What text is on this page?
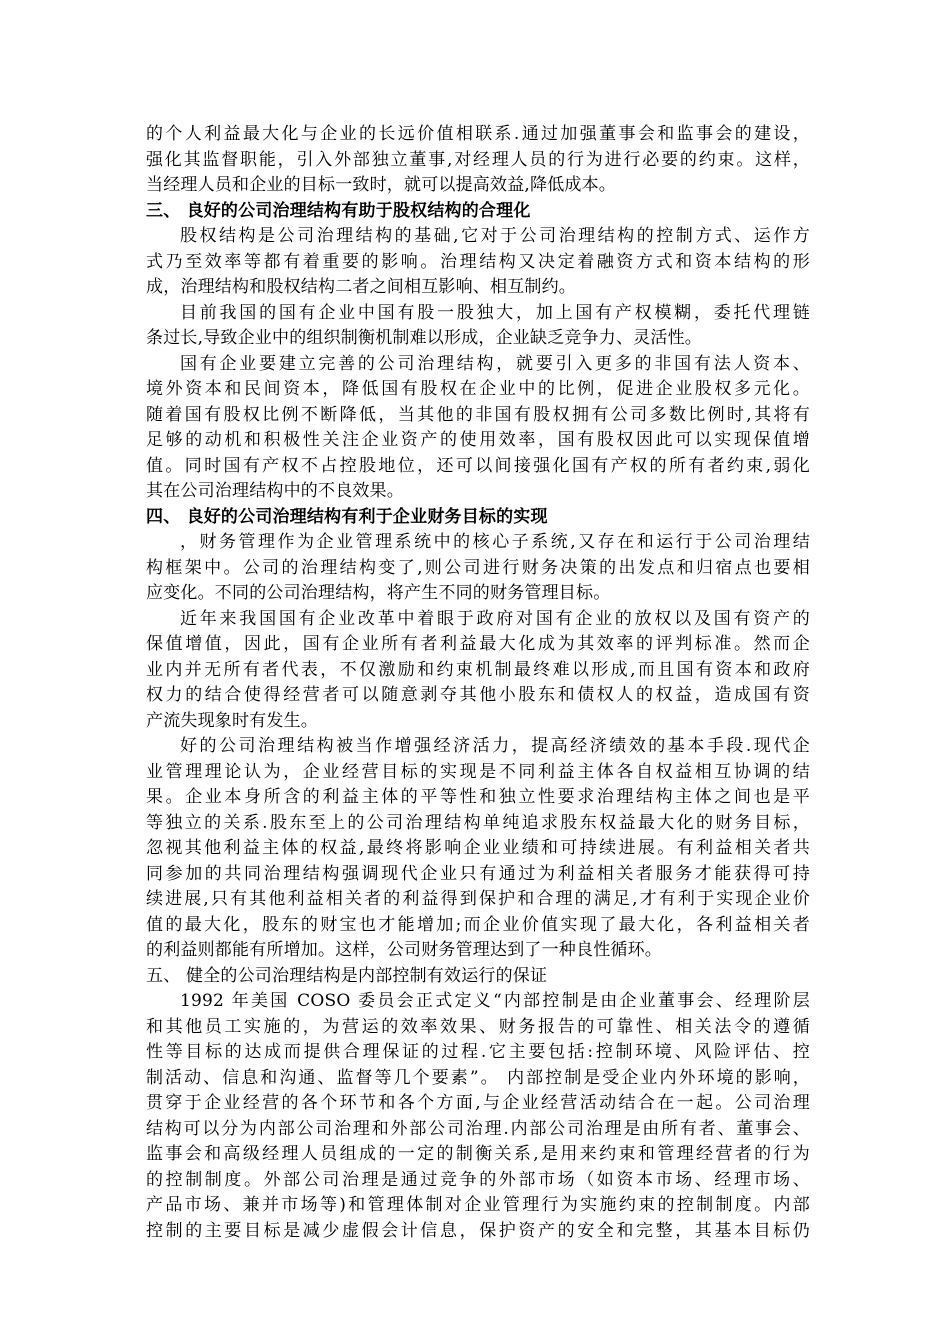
的个人利益最大化与企业的长远价值相联系.通过加强董事会和监事会的建设，
强化其监督职能，引入外部独立董事,对经理人员的行为进行必要的约束。这样，
当经理人员和企业的目标一致时，就可以提高效益,降低成本。
三、 良好的公司治理结构有助于股权结构的合理化
股权结构是公司治理结构的基础,它对于公司治理结构的控制方式、运作方
式乃至效率等都有着重要的影响。治理结构又决定着融资方式和资本结构的形
成，治理结构和股权结构二者之间相互影响、相互制约。
目前我国的国有企业中国有股一股独大，加上国有产权模糊，委托代理链
条过长,导致企业中的组织制衡机制难以形成，企业缺乏竞争力、灵活性。
国有企业要建立完善的公司治理结构，就要引入更多的非国有法人资本、
境外资本和民间资本，降低国有股权在企业中的比例，促进企业股权多元化。
随着国有股权比例不断降低，当其他的非国有股权拥有公司多数比例时,其将有
足够的动机和积极性关注企业资产的使用效率，国有股权因此可以实现保值增
值。同时国有产权不占控股地位，还可以间接强化国有产权的所有者约束,弱化
其在公司治理结构中的不良效果。
四、 良好的公司治理结构有利于企业财务目标的实现
，财务管理作为企业管理系统中的核心子系统,又存在和运行于公司治理结
构框架中。公司的治理结构变了,则公司进行财务决策的出发点和归宿点也要相
应变化。不同的公司治理结构，将产生不同的财务管理目标。
近年来我国国有企业改革中着眼于政府对国有企业的放权以及国有资产的
保值增值，因此，国有企业所有者利益最大化成为其效率的评判标准。然而企
业内并无所有者代表，不仅激励和约束机制最终难以形成,而且国有资本和政府
权力的结合使得经营者可以随意剥夺其他小股东和债权人的权益，造成国有资
产流失现象时有发生。
好的公司治理结构被当作增强经济活力，提高经济绩效的基本手段.现代企
业管理理论认为，企业经营目标的实现是不同利益主体各自权益相互协调的结
果。企业本身所含的利益主体的平等性和独立性要求治理结构主体之间也是平
等独立的关系.股东至上的公司治理结构单纯追求股东权益最大化的财务目标，
忽视其他利益主体的权益,最终将影响企业业绩和可持续进展。有利益相关者共
同参加的共同治理结构强调现代企业只有通过为利益相关者服务才能获得可持
续进展,只有其他利益相关者的利益得到保护和合理的满足,才有利于实现企业价
值的最大化，股东的财宝也才能增加;而企业价值实现了最大化，各利益相关者
的利益则都能有所增加。这样，公司财务管理达到了一种良性循环。
五、 健全的公司治理结构是内部控制有效运行的保证
1992 年美国 COSO 委员会正式定义“内部控制是由企业董事会、经理阶层
和其他员工实施的，为营运的效率效果、财务报告的可靠性、相关法令的遵循
性等目标的达成而提供合理保证的过程.它主要包括:控制环境、风险评估、控
制活动、信息和沟通、监督等几个要素”。 内部控制是受企业内外环境的影响，
贯穿于企业经营的各个环节和各个方面,与企业经营活动结合在一起。公司治理
结构可以分为内部公司治理和外部公司治理.内部公司治理是由所有者、董事会、
监事会和高级经理人员组成的一定的制衡关系,是用来约束和管理经营者的行为
的控制制度。外部公司治理是通过竞争的外部市场（如资本市场、经理市场、
产品市场、兼并市场等)和管理体制对企业管理行为实施约束的控制制度。内部
控制的主要目标是减少虚假会计信息，保护资产的安全和完整，其基本目标仍
